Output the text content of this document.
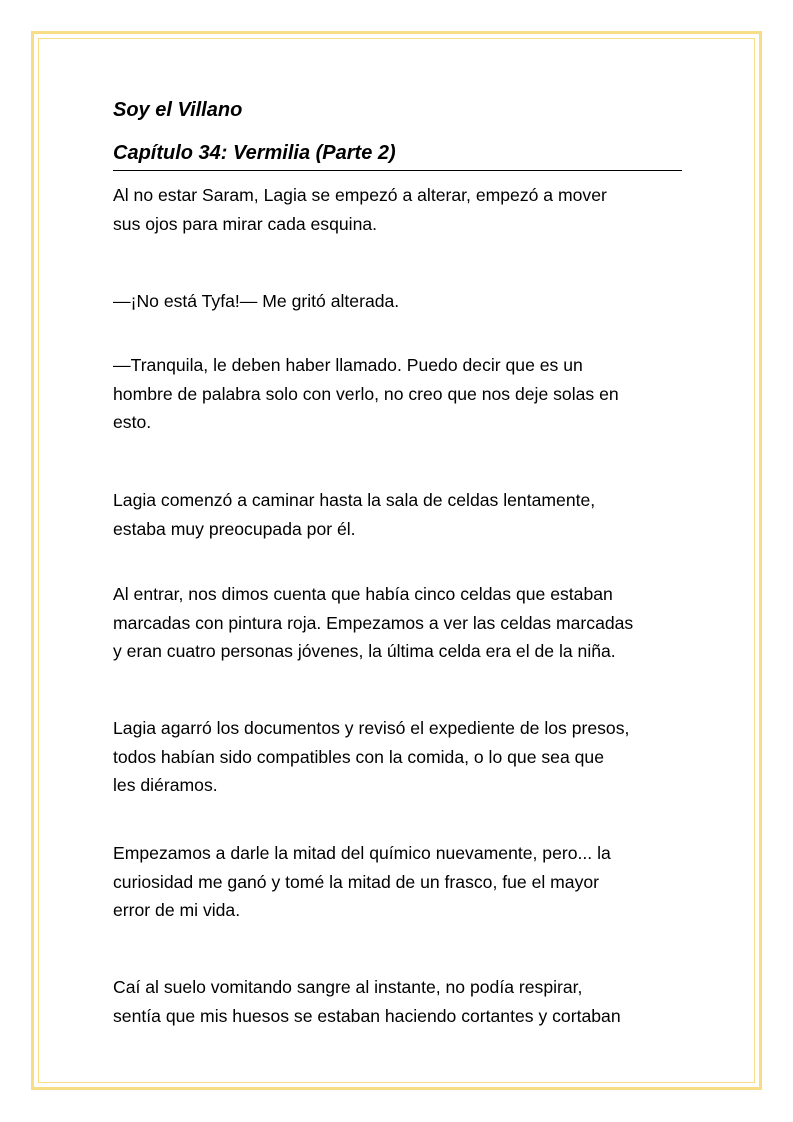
Soy el Villano
Capítulo 34: Vermilia (Parte 2)

Al no estar Saram, Lagia se empezó a alterar, empezó a mover
sus ojos para mirar cada esquina.

—¡No está Tyfa!— Me gritó alterada.

—Tranquila, le deben haber llamado. Puedo decir que es un
hombre de palabra solo con verlo, no creo que nos deje solas en
esto.

Lagia comenzó a caminar hasta la sala de celdas lentamente,
estaba muy preocupada por él.

Al entrar, nos dimos cuenta que había cinco celdas que estaban
marcadas con pintura roja. Empezamos a ver las celdas marcadas
y eran cuatro personas jóvenes, la última celda era el de la niña.

Lagia agarró los documentos y revisó el expediente de los presos,
todos habían sido compatibles con la comida, o lo que sea que
les diéramos.

Empezamos a darle la mitad del químico nuevamente, pero... la
curiosidad me ganó y tomé la mitad de un frasco, fue el mayor
error de mi vida.

Caí al suelo vomitando sangre al instante, no podía respirar,
sentía que mis huesos se estaban haciendo cortantes y cortaban
